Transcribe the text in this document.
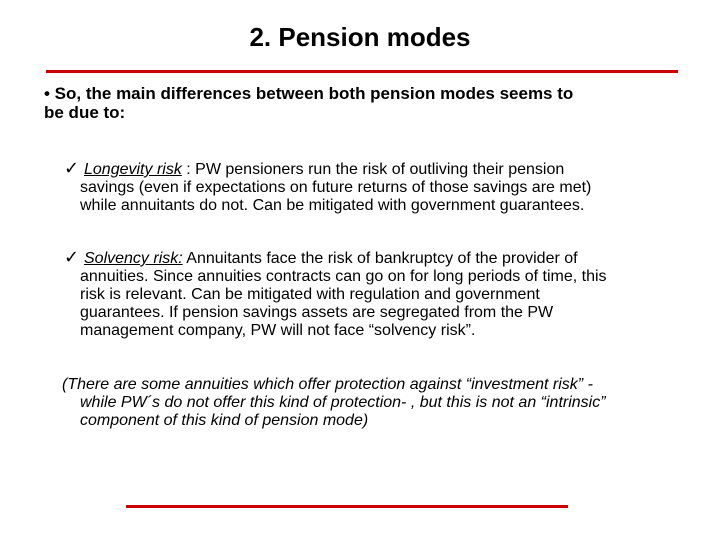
2. Pension modes
• So, the main differences between both pension modes seems to
be due to:
✓ Longevity risk : PW pensioners run the risk of outliving their pension
savings (even if expectations on future returns of those savings are met)
while annuitants do not. Can be mitigated with government guarantees.
✓ Solvency risk: Annuitants face the risk of bankruptcy of the provider of
annuities. Since annuities contracts can go on for long periods of time, this
risk is relevant. Can be mitigated with regulation and government
guarantees. If pension savings assets are segregated from the PW
management company, PW will not face “solvency risk”.
(There are some annuities which offer protection against “investment risk” -
while PW´s do not offer this kind of protection- , but this is not an “intrinsic”
component of this kind of pension mode)
